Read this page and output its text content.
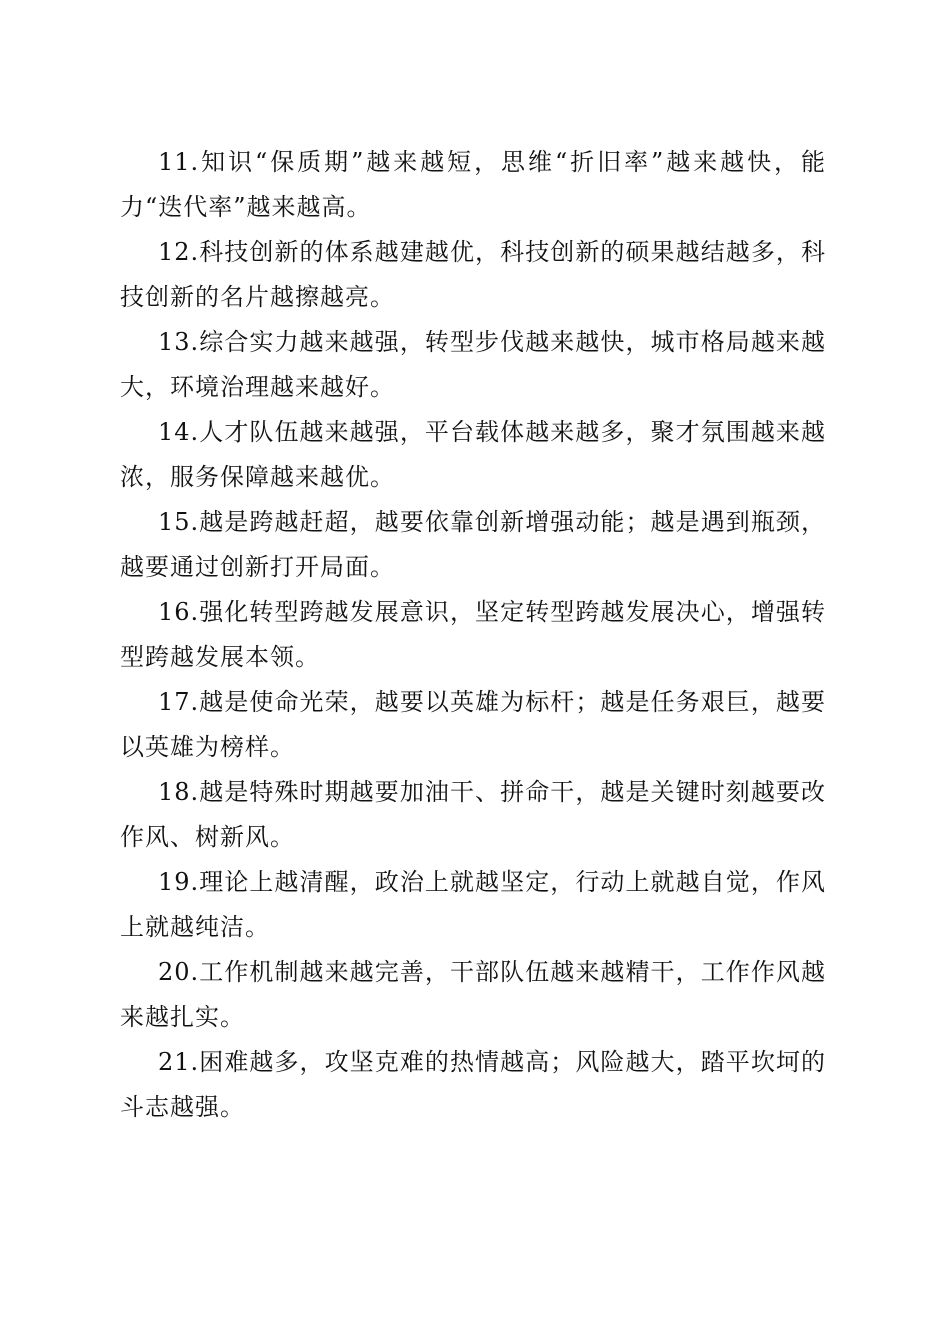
11.知识“保质期”越来越短，思维“折旧率”越来越快，能力“迭代率”越来越高。

12.科技创新的体系越建越优，科技创新的硕果越结越多，科技创新的名片越擦越亮。

13.综合实力越来越强，转型步伐越来越快，城市格局越来越大，环境治理越来越好。

14.人才队伍越来越强，平台载体越来越多，聚才氛围越来越浓，服务保障越来越优。

15.越是跨越赶超，越要依靠创新增强动能；越是遇到瓶颈，越要通过创新打开局面。

16.强化转型跨越发展意识，坚定转型跨越发展决心，增强转型跨越发展本领。

17.越是使命光荣，越要以英雄为标杆；越是任务艰巨，越要以英雄为榜样。

18.越是特殊时期越要加油干、拼命干，越是关键时刻越要改作风、树新风。

19.理论上越清醒，政治上就越坚定，行动上就越自觉，作风上就越纯洁。

20.工作机制越来越完善，干部队伍越来越精干，工作作风越来越扎实。

21.困难越多，攻坚克难的热情越高；风险越大，踏平坎坷的斗志越强。
